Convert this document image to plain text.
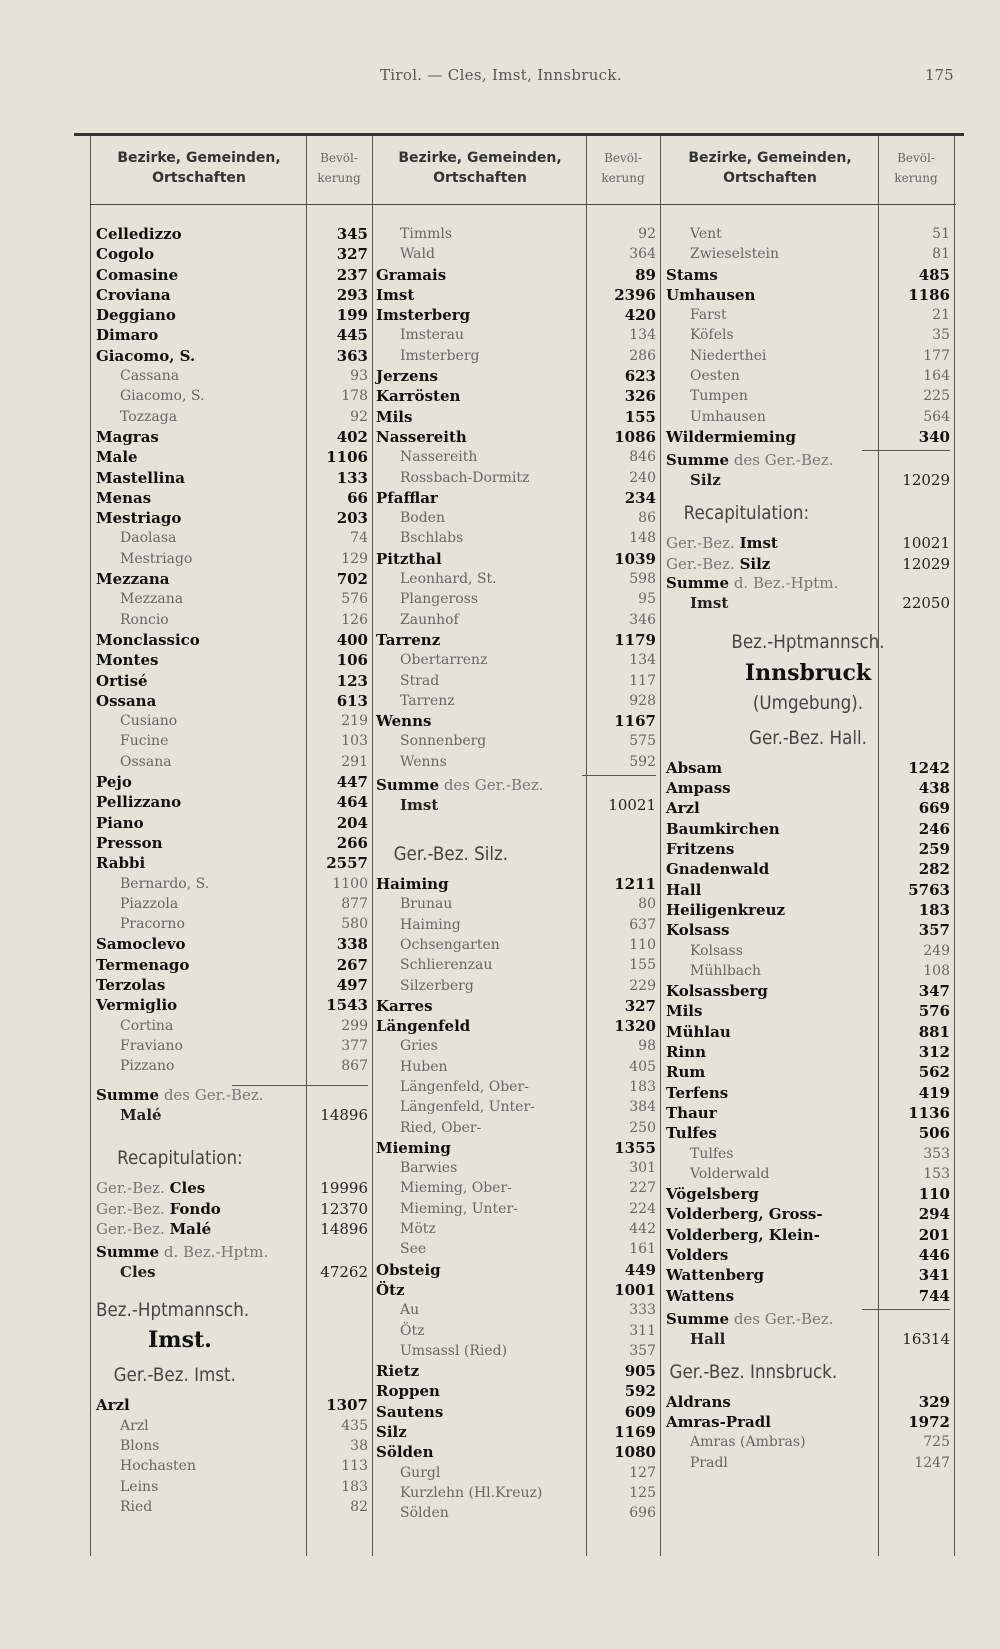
Tirol. — Cles, Imst, Innsbruck.	175
Bezirke, Gemeinden, Ortschaften
Bevöl- kerung
Bezirke, Gemeinden, Ortschaften
Bevöl- kerung
Bezirke, Gemeinden, Ortschaften
Bevöl- kerung
Celledizzo	345
Cogolo	327
Comasine	237
Croviana	293
Deggiano	199
Dimaro	445
Giacomo, S.	363
Cassana	93
Giacomo, S.	178
Tozzaga	92
Magras	402
Male	1106
Mastellina	133
Menas	66
Mestriago	203
Daolasa	74
Mestriago	129
Mezzana	702
Mezzana	576
Roncio	126
Monclassico	400
Montes	106
Ortisé	123
Ossana	613
Cusiano	219
Fucine	103
Ossana	291
Pejo	447
Pellizzano	464
Piano	204
Presson	266
Rabbi	2557
Bernardo, S.	1100
Piazzola	877
Pracorno	580
Samoclevo	338
Termenago	267
Terzolas	497
Vermiglio	1543
Cortina	299
Fraviano	377
Pizzano	867
Summe des Ger.-Bez.
Malé	14896
Recapitulation:
Ger.-Bez. Cles	19996
Ger.-Bez. Fondo	12370
Ger.-Bez. Malé	14896
Summe d. Bez.-Hptm.
Cles	47262
Bez.-Hptmannsch.
Imst.
Ger.-Bez. Imst.
Arzl	1307
Arzl	435
Blons	38
Hochasten	113
Leins	183
Ried	82
Timmls	92
Wald	364
Gramais	89
Imst	2396
Imsterberg	420
Imsterau	134
Imsterberg	286
Jerzens	623
Karrösten	326
Mils	155
Nassereith	1086
Nassereith	846
Rossbach-Dormitz	240
Pfafflar	234
Boden	86
Bschlabs	148
Pitzthal	1039
Leonhard, St.	598
Plangeross	95
Zaunhof	346
Tarrenz	1179
Obertarrenz	134
Strad	117
Tarrenz	928
Wenns	1167
Sonnenberg	575
Wenns	592
Summe des Ger.-Bez.
Imst	10021
Ger.-Bez. Silz.
Haiming	1211
Brunau	80
Haiming	637
Ochsengarten	110
Schlierenzau	155
Silzerberg	229
Karres	327
Längenfeld	1320
Gries	98
Huben	405
Längenfeld, Ober-	183
Längenfeld, Unter-	384
Ried, Ober-	250
Mieming	1355
Barwies	301
Mieming, Ober-	227
Mieming, Unter-	224
Mötz	442
See	161
Obsteig	449
Ötz	1001
Au	333
Ötz	311
Umsassl (Ried)	357
Rietz	905
Roppen	592
Sautens	609
Silz	1169
Sölden	1080
Gurgl	127
Kurzlehn (Hl.Kreuz)	125
Sölden	696
Vent	51
Zwieselstein	81
Stams	485
Umhausen	1186
Farst	21
Köfels	35
Niederthei	177
Oesten	164
Tumpen	225
Umhausen	564
Wildermieming	340
Summe des Ger.-Bez.
Silz	12029
Recapitulation:
Ger.-Bez. Imst	10021
Ger.-Bez. Silz	12029
Summe d. Bez.-Hptm.
Imst	22050
Bez.-Hptmannsch.
Innsbruck
(Umgebung).
Ger.-Bez. Hall.
Absam	1242
Ampass	438
Arzl	669
Baumkirchen	246
Fritzens	259
Gnadenwald	282
Hall	5763
Heiligenkreuz	183
Kolsass	357
Kolsass	249
Mühlbach	108
Kolsassberg	347
Mils	576
Mühlau	881
Rinn	312
Rum	562
Terfens	419
Thaur	1136
Tulfes	506
Tulfes	353
Volderwald	153
Vögelsberg	110
Volderberg, Gross-	294
Volderberg, Klein-	201
Volders	446
Wattenberg	341
Wattens	744
Summe des Ger.-Bez.
Hall	16314
Ger.-Bez. Innsbruck.
Aldrans	329
Amras-Pradl	1972
Amras (Ambras)	725
Pradl	1247
